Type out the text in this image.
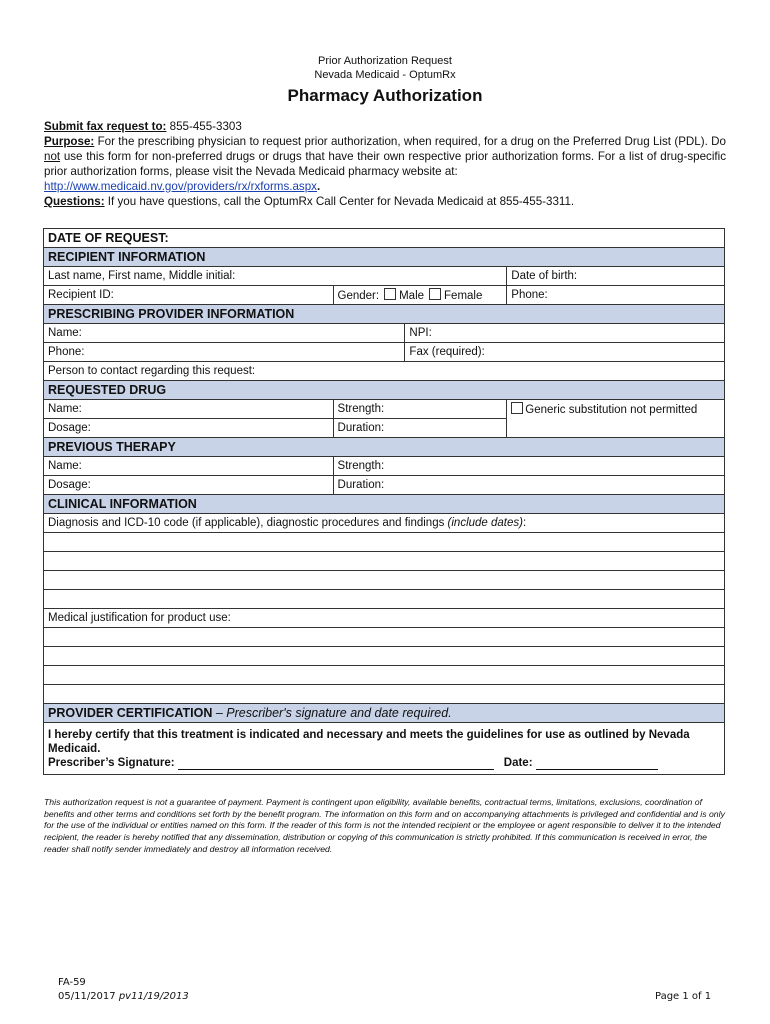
Prior Authorization Request
Nevada Medicaid - OptumRx
Pharmacy Authorization
Submit fax request to: 855-455-3303
Purpose: For the prescribing physician to request prior authorization, when required, for a drug on the Preferred Drug List (PDL). Do not use this form for non-preferred drugs or drugs that have their own respective prior authorization forms. For a list of drug-specific prior authorization forms, please visit the Nevada Medicaid pharmacy website at:
http://www.medicaid.nv.gov/providers/rx/rxforms.aspx.
Questions: If you have questions, call the OptumRx Call Center for Nevada Medicaid at 855-455-3311.
DATE OF REQUEST:			
RECIPIENT INFORMATION			
Last name, First name, Middle initial:			Date of birth:
Recipient ID:	Gender: Male Female		Phone:
PRESCRIBING PROVIDER INFORMATION			
Name:		NPI:	
Phone:		Fax (required):	
Person to contact regarding this request:			
REQUESTED DRUG			
Name:	Strength:		Generic substitution not permitted
Dosage:	Duration:		
PREVIOUS THERAPY			
Name:	Strength:		
Dosage:	Duration:		
CLINICAL INFORMATION			
Diagnosis and ICD-10 code (if applicable), diagnostic procedures and findings (include dates):			

Medical justification for product use:			

PROVIDER CERTIFICATION – Prescriber's signature and date required.			

I hereby certify that this treatment is indicated and necessary and meets the guidelines for use as outlined by Nevada Medicaid.
Prescriber’s Signature: Date:			
This authorization request is not a guarantee of payment. Payment is contingent upon eligibility, available benefits, contractual terms, limitations, exclusions, coordination of benefits and other terms and conditions set forth by the benefit program. The information on this form and on accompanying attachments is privileged and confidential and is only for the use of the individual or entities named on this form. If the reader of this form is not the intended recipient or the employee or agent responsible to deliver it to the intended recipient, the reader is hereby notified that any dissemination, distribution or copying of this communication is strictly prohibited. If this communication is received in error, the reader shall notify sender immediately and destroy all information received.
FA-59
05/11/2017 pv11/19/2013	Page 1 of 1
